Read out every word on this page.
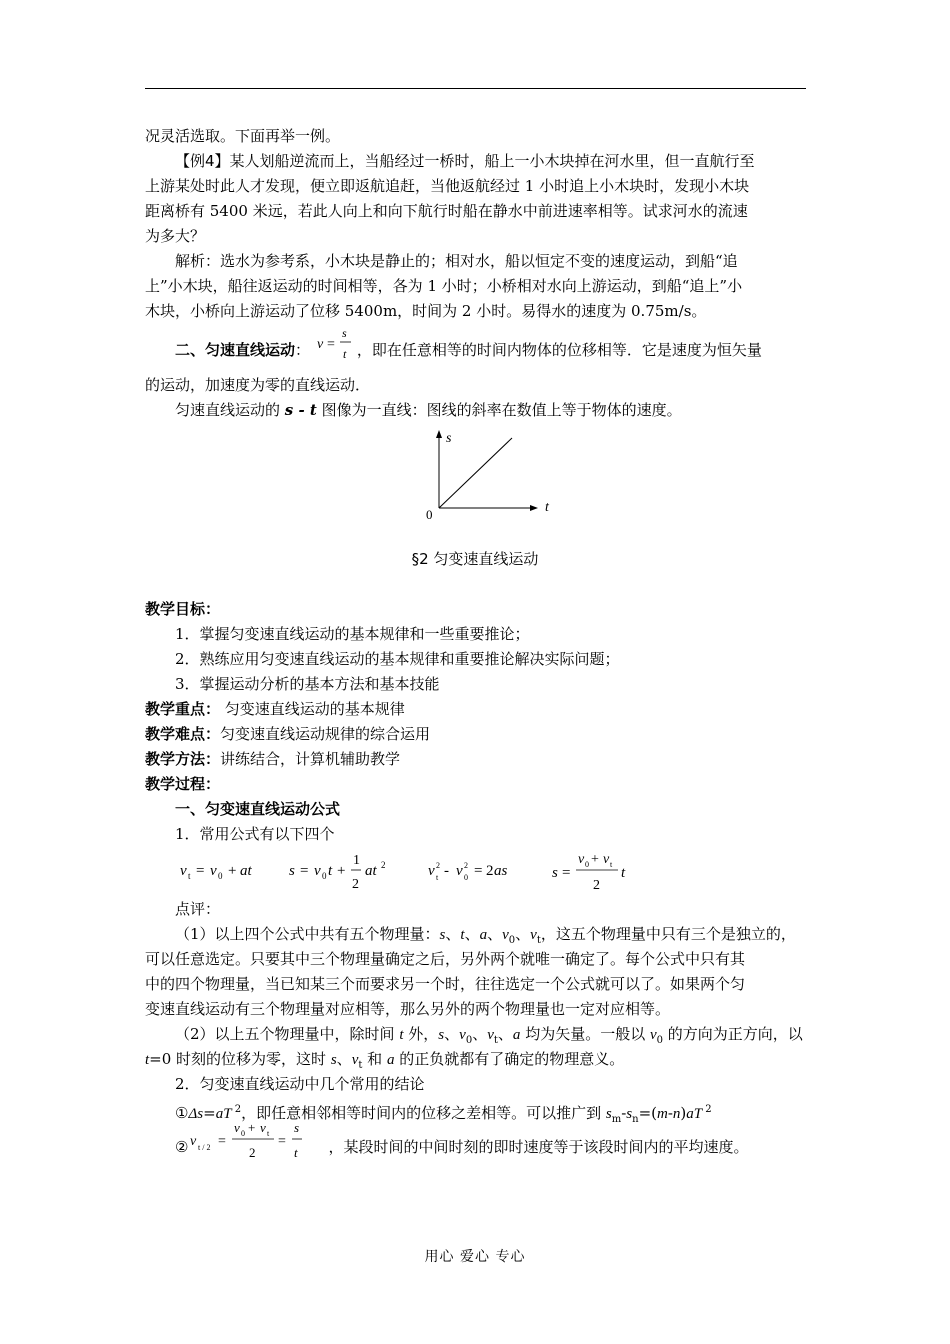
况灵活选取。下面再举一例。
【例4】某人划船逆流而上，当船经过一桥时，船上一小木块掉在河水里，但一直航行至
上游某处时此人才发现，便立即返航追赶，当他返航经过 1 小时追上小木块时，发现小木块
距离桥有 5400 米远，若此人向上和向下航行时船在静水中前进速率相等。试求河水的流速
为多大？
解析：选水为参考系，小木块是静止的；相对水，船以恒定不变的速度运动，到船“追
上”小木块，船往返运动的时间相等，各为 1 小时；小桥相对水向上游运动，到船“追上”小
木块，小桥向上游运动了位移 5400m，时间为 2 小时。易得水的速度为 0.75m/s。
二、匀速直线运动： v =
s
t ，即在任意相等的时间内物体的位移相等．它是速度为恒矢量
的运动，加速度为零的直线运动．
匀速直线运动的 s - t 图像为一直线：图线的斜率在数值上等于物体的速度。
s
t
0
§2 匀变速直线运动
教学目标：
1．掌握匀变速直线运动的基本规律和一些重要推论；
2．熟练应用匀变速直线运动的基本规律和重要推论解决实际问题；
3．掌握运动分析的基本方法和基本技能
教学重点： 匀变速直线运动的基本规律
教学难点：匀变速直线运动规律的综合运用
教学方法：讲练结合，计算机辅助教学
教学过程：
一、匀变速直线运动公式
1．常用公式有以下四个
v t = v 0 + at s = v 0 t +
1
2
at 2	v 2
t - v 2
0 = 2 as	s =
v 0 + v t
2
t
点评：
（1）以上四个公式中共有五个物理量：s、t、a、$v_0$、$v_t$，这五个物理量中只有三个是独立的，
可以任意选定。只要其中三个物理量确定之后，另外两个就唯一确定了。每个公式中只有其
中的四个物理量，当已知某三个而要求另一个时，往往选定一个公式就可以了。如果两个匀
变速直线运动有三个物理量对应相等，那么另外的两个物理量也一定对应相等。
（2）以上五个物理量中，除时间 t 外，s、$v_0$、$v_t$、a 均为矢量。一般以 $v_0$ 的方向为正方向，以
t=0 时刻的位移为零，这时 s、$v_t$ 和 a 的正负就都有了确定的物理意义。
2．匀变速直线运动中几个常用的结论
①Δs=aT $^2$，即任意相邻相等时间内的位移之差相等。可以推广到 $s_m-s_n=(m-n)aT$ $^2$
② v t / 2 =
v 0 + v t
2
=
s
t ，某段时间的中间时刻的即时速度等于该段时间内的平均速度。
用心 爱心 专心
